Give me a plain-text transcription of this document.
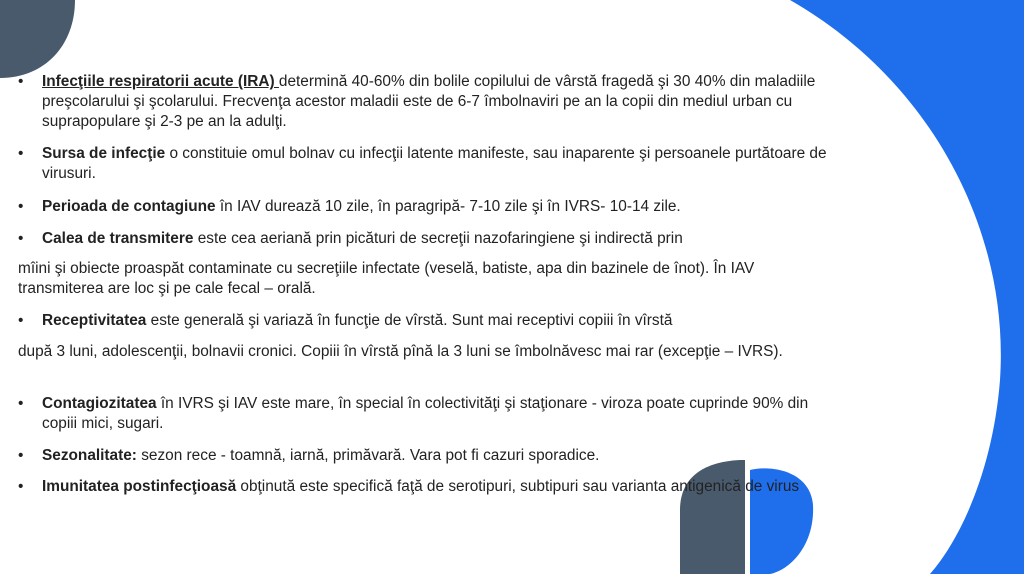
• Infecţiile respiratorii acute (IRA) determină 40-60% din bolile copilului de vârstă fragedă şi 30 40% din maladiile preşcolarului şi şcolarului. Frecvenţa acestor maladii este de 6-7 îmbolnaviri pe an la copii din mediul urban cu suprapopulare şi 2-3 pe an la adulţi.
• Sursa de infecţie o constituie omul bolnav cu infecţii latente manifeste, sau inaparente şi persoanele purtătoare de virusuri.
• Perioada de contagiune în IAV durează 10 zile, în paragripă- 7-10 zile şi în IVRS- 10-14 zile.
• Calea de transmitere este cea aeriană prin picături de secreţii nazofaringiene şi indirectă prin
mîini şi obiecte proaspăt contaminate cu secreţiile infectate (veselă, batiste, apa din bazinele de înot). În IAV transmiterea are loc şi pe cale fecal – orală.
• Receptivitatea este generală şi variază în funcţie de vîrstă. Sunt mai receptivi copiii în vîrstă
după 3 luni, adolescenţii, bolnavii cronici. Copiii în vîrstă pînă la 3 luni se îmbolnăvesc mai rar (excepţie – IVRS).
• Contagiozitatea în IVRS şi IAV este mare, în special în colectivităţi şi staţionare - viroza poate cuprinde 90% din copiii mici, sugari.
• Sezonalitate: sezon rece - toamnă, iarnă, primăvară. Vara pot fi cazuri sporadice.
• Imunitatea postinfecţioasă obţinută este specifică faţă de serotipuri, subtipuri sau varianta antigenică de virus
